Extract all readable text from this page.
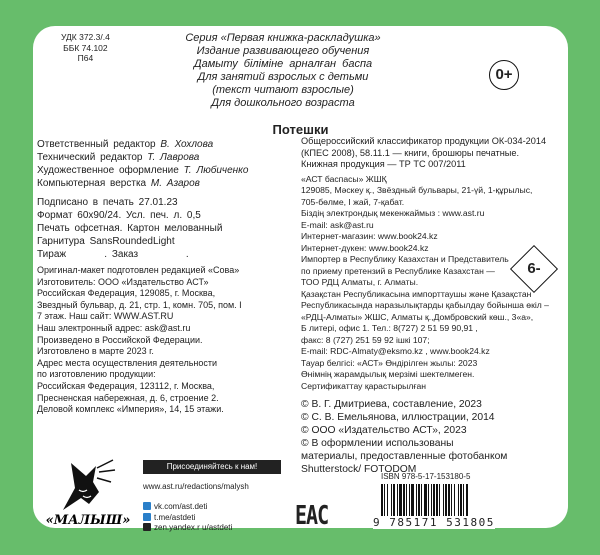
УДК 372.3/.4
ББК 74.102
П64
Серия «Первая книжка-раскладушка»
Издание развивающего обучения
Дамыту біліміне арналған баспа
Для занятий взрослых с детьми
(текст читают взрослые)
Для дошкольного возраста
0+
Потешки
Ответственный редактор В. Хохлова
Технический редактор Т. Лаврова
Художественное оформление Т. Любиченко
Компьютерная верстка М. Азаров
Подписано в печать 27.01.23
Формат 60x90/24. Усл. печ. л. 0,5
Печать офсетная. Картон мелованный
Гарнитура SansRoundedLight
Тираж        . Заказ          .
Оригинал-макет подготовлен редакцией «Сова»
Изготовитель: ООО «Издательство АСТ»
Российская Федерация, 129085, г. Москва,
Звездный бульвар, д. 21, стр. 1, комн. 705, пом. I
7 этаж. Наш сайт: WWW.AST.RU
Наш электронный адрес: ask@ast.ru
Произведено в Российской Федерации.
Изготовлено в марте 2023 г.
Адрес места осуществления деятельности
по изготовлению продукции:
Российская Федерация, 123112, г. Москва,
Пресненская набережная, д. 6, строение 2.
Деловой комплекс «Империя», 14, 15 этажи.
Общероссийский классификатор продукции ОК-034-2014
(КПЕС 2008), 58.11.1 — книги, брошюры печатные.
Книжная продукция — ТР ТС 007/2011
«АСТ баспасы» ЖШҚ
129085, Мәскеу қ., Звёздный бульвары, 21-үй, 1-құрылыс,
705-бөлме, I жай, 7-қабат.
Біздің электрондық мекенжаймыз : www.ast.ru
E-mail: ask@ast.ru
Интернет-магазин: www.book24.kz
Интернет-дүкен: www.book24.kz
Импортер в Республику Казахстан и Представитель
по приему претензий в Республике Казахстан —
ТОО РДЦ Алматы, г. Алматы.
Қазақстан Республикасына импорттаушы және Қазақстан
Республикасында наразылықтарды қабылдау бойынша өкіл –
«РДЦ-Алматы» ЖШС, Алматы қ.,Домбровский көш., 3«а»,
Б литері, офис 1. Тел.: 8(727) 2 51 59 90,91 ,
факс: 8 (727) 251 59 92 ішкі 107;
E-mail: RDC-Almaty@eksmo.kz , www.book24.kz
Тауар белгісі: «АСТ» Өндірілген жылы: 2023
Өнімнің жарамдылық мерзімі шектелмеген.
Сертификаттау қарастырылған
© В. Г. Дмитриева, составление, 2023
© С. В. Емельянова, иллюстрации, 2014
© ООО «Издательство АСТ», 2023
© В оформлении использованы материалы, предоставленные фотобанком Shutterstock/ FOTODOM
6-
«МАЛЫШ»
Присоединяйтесь к нам!
www.ast.ru/redactions/malysh
vk.com/ast.deti
t.me/astdeti
zen.yandex.r u/astdeti	EAC
ISBN 978-5-17-153180-5
9 785171 531805
